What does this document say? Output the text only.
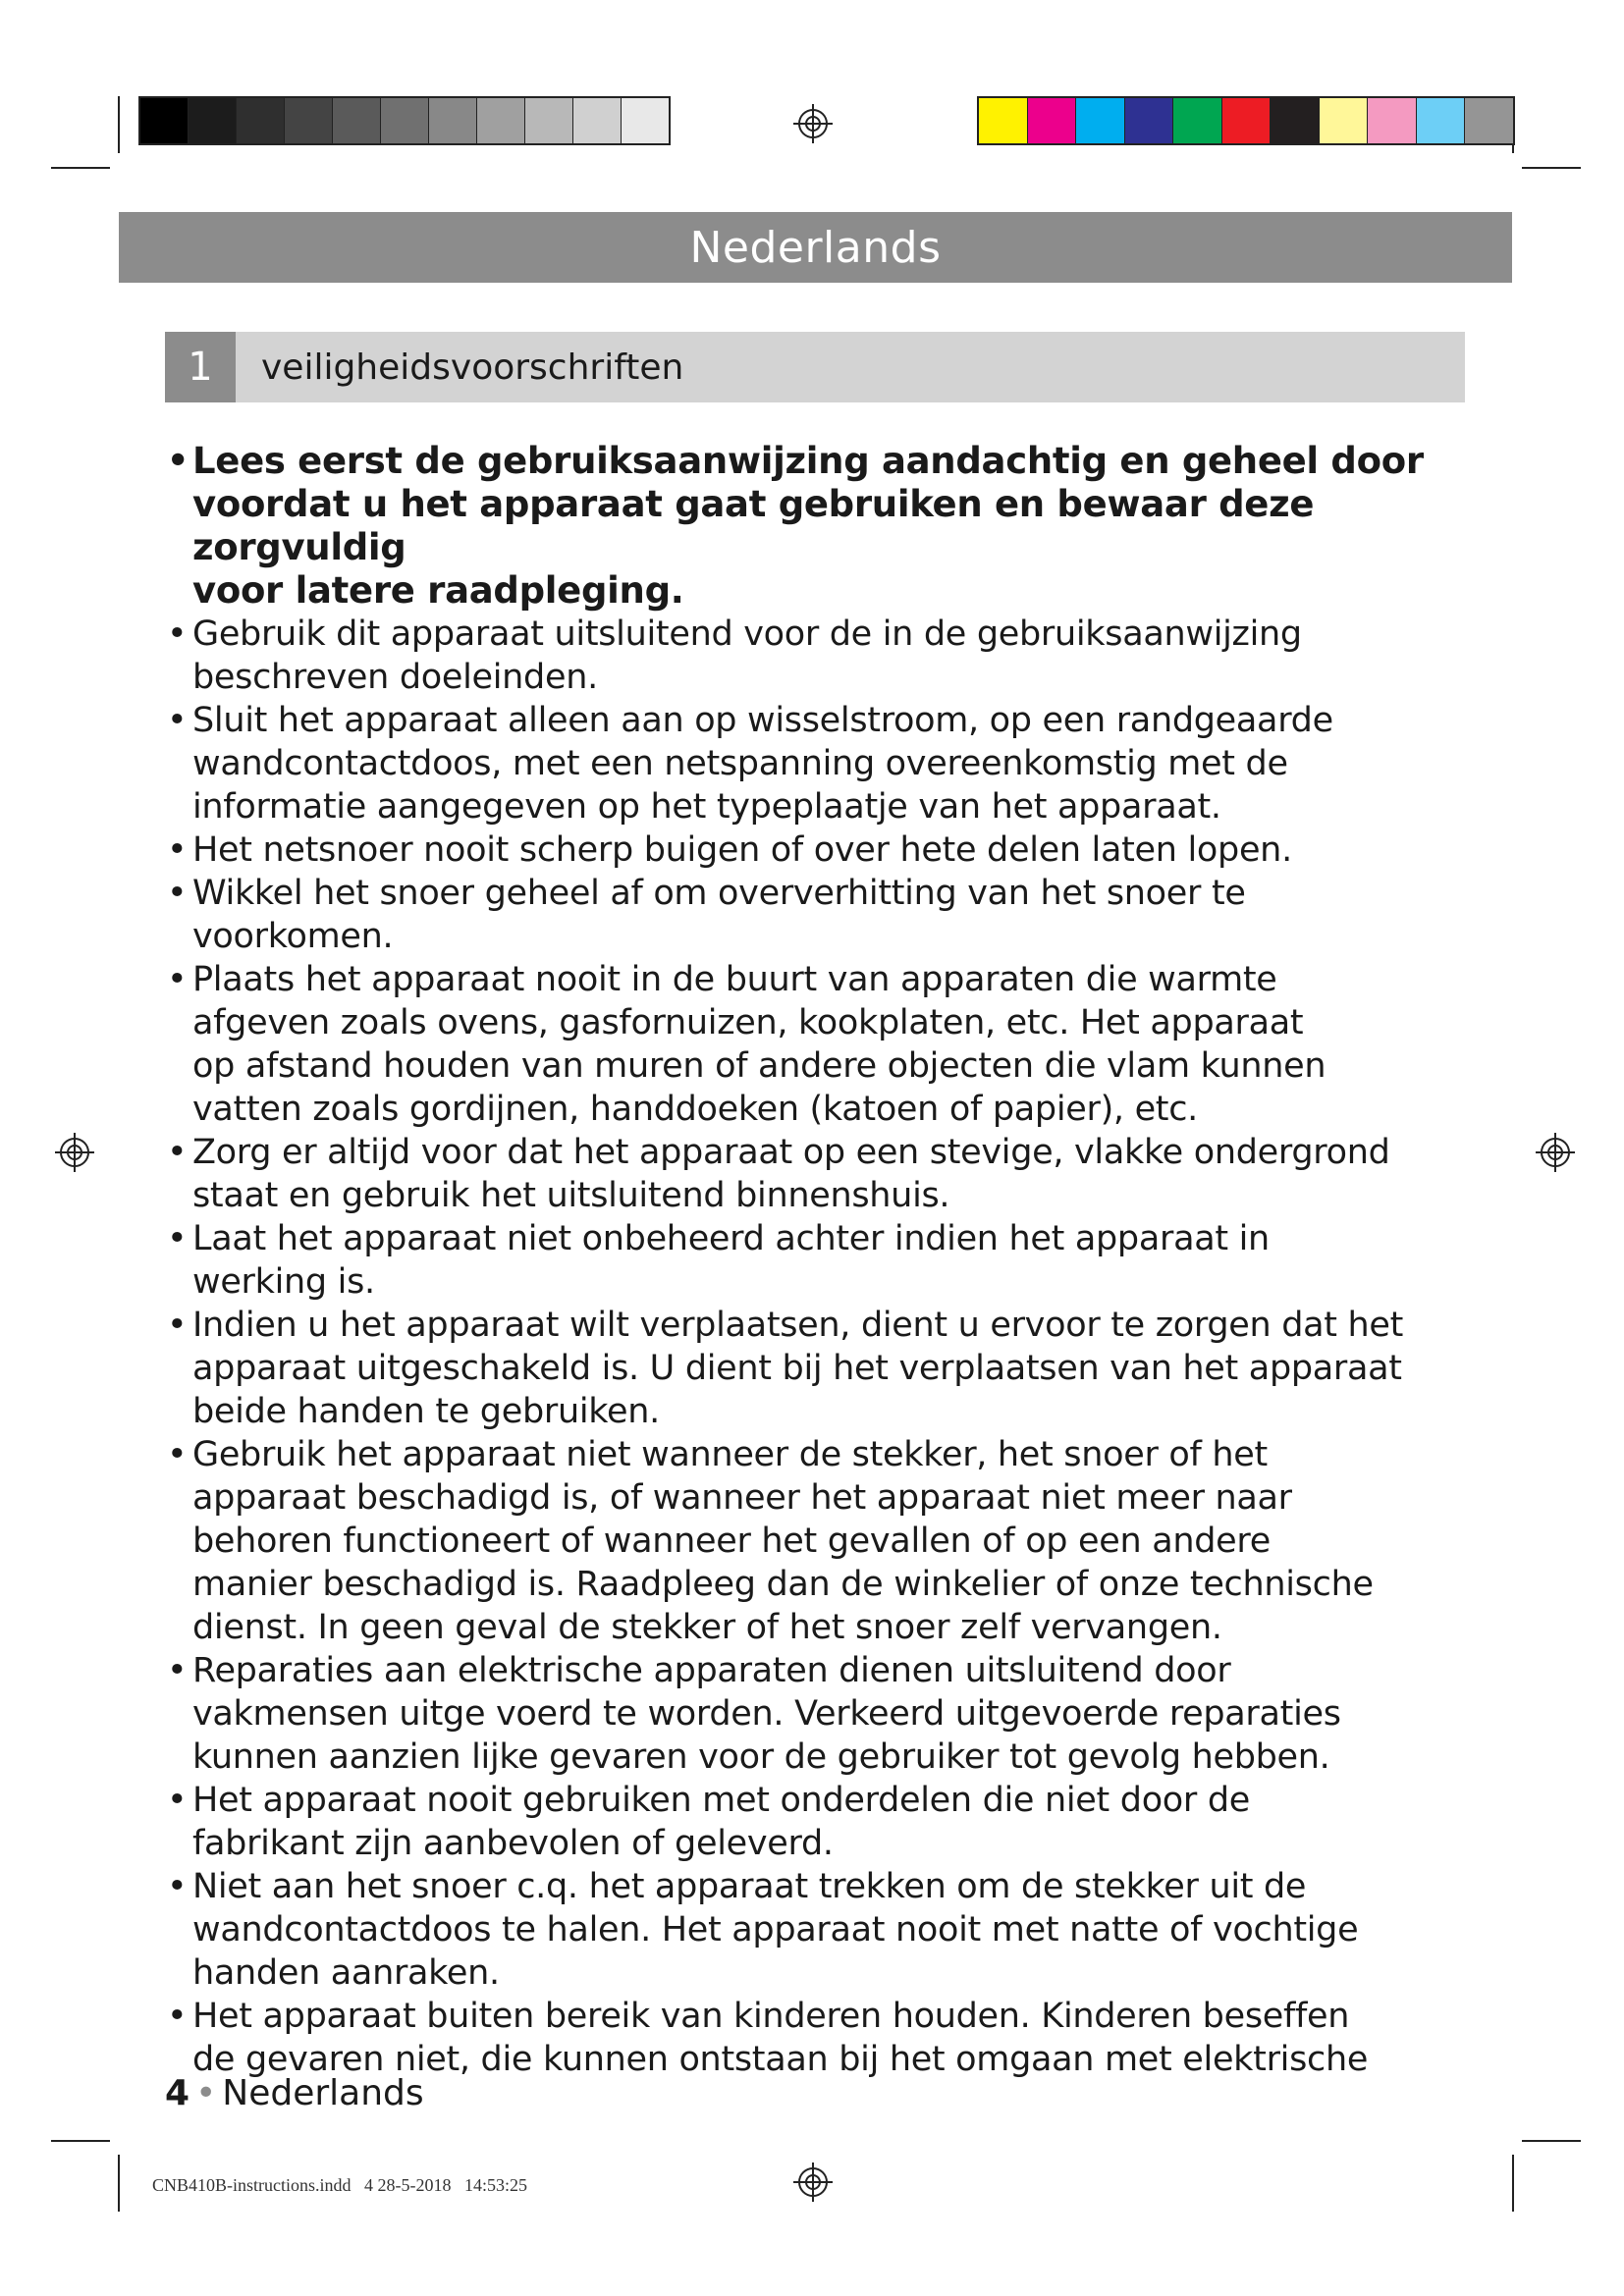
Nederlands
1	veiligheidsvoorschriften
• Lees eerst de gebruiksaanwijzing aandachtig en geheel door
voordat u het apparaat gaat gebruiken en bewaar deze zorgvuldig
voor latere raadpleging.
• Gebruik dit apparaat uitsluitend voor de in de gebruiksaanwijzing
beschreven doeleinden.
• Sluit het apparaat alleen aan op wisselstroom, op een randgeaarde
wandcontactdoos, met een netspanning overeenkomstig met de
informatie aangegeven op het typeplaatje van het apparaat.
• Het netsnoer nooit scherp buigen of over hete delen laten lopen.
• Wikkel het snoer geheel af om oververhitting van het snoer te
voorkomen.
• Plaats het apparaat nooit in de buurt van apparaten die warmte
afgeven zoals ovens, gasfornuizen, kookplaten, etc. Het apparaat
op afstand houden van muren of andere objecten die vlam kunnen
vatten zoals gordijnen, handdoeken (katoen of papier), etc.
• Zorg er altijd voor dat het apparaat op een stevige, vlakke ondergrond
staat en gebruik het uitsluitend binnenshuis.
• Laat het apparaat niet onbeheerd achter indien het apparaat in
werking is.
• Indien u het apparaat wilt verplaatsen, dient u ervoor te zorgen dat het
apparaat uitgeschakeld is. U dient bij het verplaatsen van het apparaat
beide handen te gebruiken.
• Gebruik het apparaat niet wanneer de stekker, het snoer of het
apparaat beschadigd is, of wanneer het apparaat niet meer naar
behoren functioneert of wanneer het gevallen of op een andere
manier beschadigd is. Raadpleeg dan de winkelier of onze technische
dienst. In geen geval de stekker of het snoer zelf vervangen.
• Reparaties aan elektrische apparaten dienen uitsluitend door
vakmensen uitge voerd te worden. Verkeerd uitgevoerde reparaties
kunnen aanzien lijke gevaren voor de gebruiker tot gevolg hebben.
• Het apparaat nooit gebruiken met onderdelen die niet door de
fabrikant zijn aanbevolen of geleverd.
• Niet aan het snoer c.q. het apparaat trekken om de stekker uit de
wandcontactdoos te halen. Het apparaat nooit met natte of vochtige
handen aanraken.
• Het apparaat buiten bereik van kinderen houden. Kinderen beseffen
de gevaren niet, die kunnen ontstaan bij het omgaan met elektrische
4 • Nederlands
CNB410B-instructions.indd   4 28-5-2018   14:53:25
